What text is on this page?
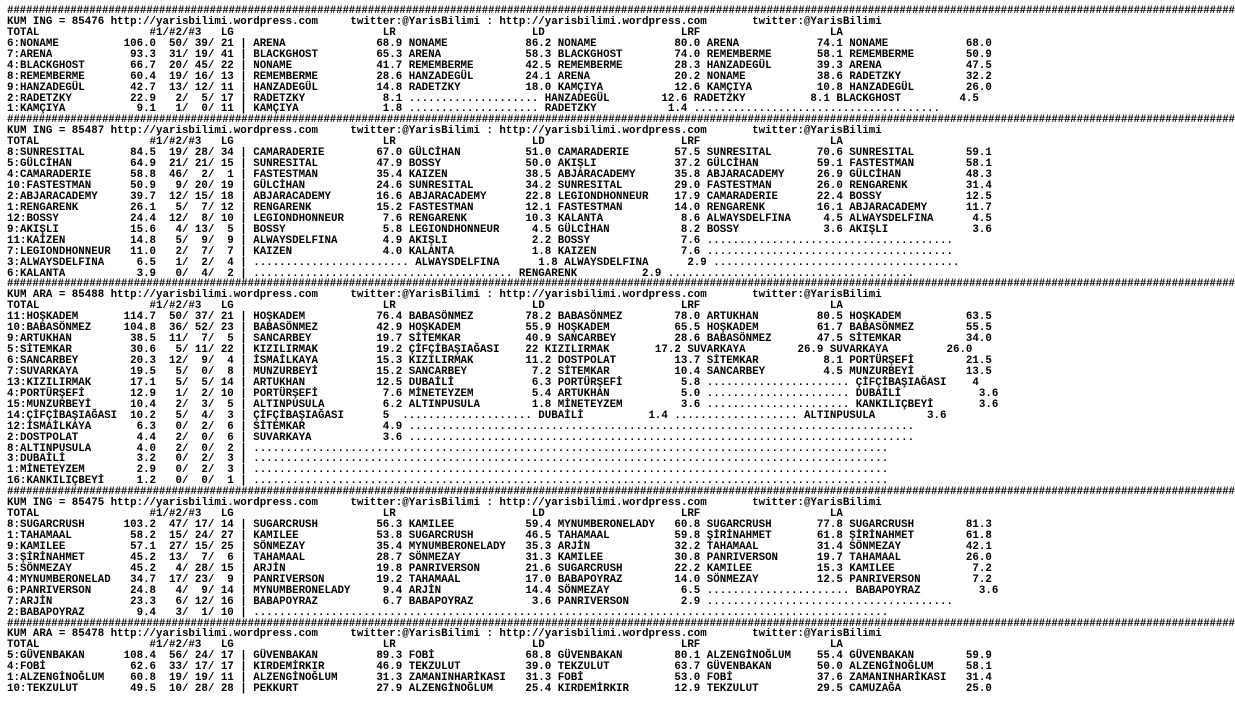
##################################################################################################################################################################################################
KUM ING = 85476 http://yarisbilimi.wordpress.com     twitter:@YarisBilimi : http://yarisbilimi.wordpress.com       twitter:@YarisBilimi
TOTAL                 #1/#2/#3   LG                       LR                     LD                     LRF                    LA
6:NONAME          106.0  50/ 39/ 21 | ARENA              68.9 NONAME            86.2 NONAME            80.0 ARENA            74.1 NONAME            68.0
7:ARENA            93.3  31/ 19/ 41 | BLACKGHOST         65.3 ARENA             58.3 BLACKGHOST        74.0 REMEMBERME       58.1 REMEMBERME        50.9
4:BLACKGHOST       66.7  20/ 45/ 22 | NONAME             41.7 REMEMBERME        42.5 REMEMBERME        28.3 HANZADEGÜL       39.3 ARENA             47.5
8:REMEMBERME       60.4  19/ 16/ 13 | REMEMBERME         28.6 HANZADEGÜL        24.1 ARENA             20.2 NONAME           38.6 RADETZKY          32.2
9:HANZADEGÜL       42.7  13/ 12/ 11 | HANZADEGÜL         14.8 RADETZKY          18.0 KAMÇIYA           12.6 KAMÇIYA          10.8 HANZADEGÜL        26.0
2:RADETZKY         22.9   2/  5/ 17 | RADETZKY            8.1 .................... HANZADEGÜL        12.6 RADETZKY          8.1 BLACKGHOST         4.5
1:KAMÇIYA           9.1   1/  0/ 11 | KAMÇIYA             1.8 .................... RADETZKY           1.4 ......................................
##################################################################################################################################################################################################
KUM ING = 85487 http://yarisbilimi.wordpress.com     twitter:@YarisBilimi : http://yarisbilimi.wordpress.com       twitter:@YarisBilimi
TOTAL                 #1/#2/#3   LG                       LR                     LD                     LRF                    LA
8:SUNRESITAL       84.5  19/ 28/ 34 | CAMARADERIE        67.0 GÜLCİHAN          51.0 CAMARADERIE       57.5 SUNRESITAL       70.6 SUNRESITAL        59.1
5:GÜLCİHAN         64.9  21/ 21/ 15 | SUNRESITAL         47.9 BOSSY             50.0 AKIŞLI            37.2 GÜLCİHAN         59.1 FASTESTMAN        58.1
4:CAMARADERIE      58.8  46/  2/  1 | FASTESTMAN         35.4 KAIZEN            38.5 ABJARACADEMY      35.8 ABJARACADEMY     26.9 GÜLCİHAN          48.3
10:FASTESTMAN      50.9   9/ 20/ 19 | GÜLCİHAN           24.6 SUNRESITAL        34.2 SUNRESITAL        29.0 FASTESTMAN       26.0 RENGARENK         31.4
2:ABJARACADEMY     39.7  12/ 15/ 18 | ABJARACADEMY       16.6 ABJARACADEMY      22.8 LEGIONDHONNEUR    17.9 CAMARADERIE      22.4 BOSSY             12.5
1:RENGARENK        26.1   5/  7/ 12 | RENGARENK          15.2 FASTESTMAN        12.1 FASTESTMAN        14.0 RENGARENK        16.1 ABJARACADEMY      11.7
12:BOSSY           24.4  12/  8/ 10 | LEGIONDHONNEUR      7.6 RENGARENK         10.3 KALANTA            8.6 ALWAYSDELFINA     4.5 ALWAYSDELFINA      4.5
9:AKIŞLI           15.6   4/ 13/  5 | BOSSY               5.8 LEGIONDHONNEUR     4.5 GÜLCİHAN           8.2 BOSSY             3.6 AKIŞLI             3.6
11:KAİZEN          14.8   5/  9/  9 | ALWAYSDELFINA       4.9 AKIŞLI             2.2 BOSSY              7.6 ......................................
7:LEGIONDHONNEUR   11.0   2/  7/  7 | KAIZEN              4.0 KALANTA            1.8 KAIZEN             7.6 ......................................
3:ALWAYSDELFINA     6.5   1/  2/  4 | ........................ ALWAYSDELFINA      1.8 ALWAYSDELFINA      2.9 ......................................
6:KALANTA           3.9   0/  4/  2 | ........................................ RENGARENK          2.9 ......................................
##################################################################################################################################################################################################
KUM ARA = 85488 http://yarisbilimi.wordpress.com     twitter:@YarisBilimi : http://yarisbilimi.wordpress.com       twitter:@YarisBilimi
TOTAL                 #1/#2/#3   LG                       LR                     LD                     LRF                    LA
11:HOŞKADEM       114.7  50/ 37/ 21 | HOŞKADEM           76.4 BABASÖNMEZ        78.2 BABASÖNMEZ        78.0 ARTUKHAN         80.5 HOŞKADEM          63.5
10:BABASÖNMEZ     104.8  36/ 52/ 23 | BABASÖNMEZ         42.9 HOŞKADEM          55.9 HOŞKADEM          65.5 HOŞKADEM         61.7 BABASÖNMEZ        55.5
9:ARTUKHAN         38.5  11/  7/  5 | SANCARBEY          19.7 SİTEMKAR          40.9 SANCARBEY         28.6 BABASÖNMEZ       47.5 SİTEMKAR          34.0
5:SİTEMKAR         30.6   5/ 11/ 22 | KIZILIRMAK         19.2 ÇİFÇİBAŞIAĞASI    22 KIZILIRMAK       17.2 SUVARKAYA        26.9 SUVARKAYA         26.0
6:SANCARBEY        20.3  12/  9/  4 | İSMAİLKAYA         15.3 KIZILIRMAK        11.2 DOSTPOLAT         13.7 SİTEMKAR          8.1 PORTÜRŞEFİ        21.5
7:SUVARKAYA        19.5   5/  0/  8 | MUNZURBEYİ         15.2 SANCARBEY          7.2 SİTEMKAR          10.4 SANCARBEY         4.5 MUNZURBEYİ        13.5
13:KIZILIRMAK      17.1   5/  5/ 14 | ARTUKHAN           12.5 DUBAİLİ            6.3 PORTÜRŞEFİ         5.8 ...................... ÇİFÇİBAŞIAĞASI    4
4:PORTÜRŞEFİ       12.9   1/  2/ 10 | PORTÜRŞEFİ          7.6 MİNETEYZEM         5.4 ARTUKHAN           5.0 ...................... DUBAİLİ            3.6
15:MUNZURBEYİ      10.4   2/  3/  5 | ALTINPUSULA         6.2 ALTINPUSULA        1.8 MİNETEYZEM         3.6 ...................... KANKILIÇBEYİ       3.6
14:ÇİFÇİBAŞIAĞASI  10.2   5/  4/  3 | ÇİFÇİBAŞIAĞASI      5  .................... DUBAİLİ          1.4 ................... ALTINPUSULA        3.6
12:İSMAİLKAYA       6.3   0/  2/  6 | SİTEMKAR            4.9 ..............................................................................
2:DOSTPOLAT         4.4   2/  0/  6 | SUVARKAYA           3.6 ..............................................................................
8:ALTINPUSULA       4.0   2/  0/  2 | ..................................................................................................
3:DUBAİLİ           3.2   0/  2/  3 | ..................................................................................................
1:MİNETEYZEM        2.9   0/  2/  3 | ..................................................................................................
16:KANKILIÇBEYİ     1.2   0/  0/  1 | ..................................................................................................
##################################################################################################################################################################################################
KUM ING = 85475 http://yarisbilimi.wordpress.com     twitter:@YarisBilimi : http://yarisbilimi.wordpress.com       twitter:@YarisBilimi
TOTAL                 #1/#2/#3   LG                       LR                     LD                     LRF                    LA
8:SUGARCRUSH      103.2  47/ 17/ 14 | SUGARCRUSH         56.3 KAMILEE           59.4 MYNUMBERONELADY   60.8 SUGARCRUSH       77.8 SUGARCRUSH        81.3
1:TAHAMAAL         58.2  15/ 24/ 27 | KAMILEE            53.8 SUGARCRUSH        46.5 TAHAMAAL          59.8 ŞİRİNAHMET       61.8 ŞİRİNAHMET        61.8
9:KAMILEE          57.1  27/ 15/ 25 | SÖNMEZAY           35.4 MYNUMBERONELADY   35.3 ARJİN             32.2 TAHAMAAL         31.4 SÖNMEZAY          42.1
3:ŞİRİNAHMET       45.2  13/  7/  6 | TAHAMAAL           28.7 SÖNMEZAY          31.3 KAMILEE           30.8 PANRIVERSON      19.7 TAHAMAAL          26.0
5:SÖNMEZAY         45.2   4/ 28/ 15 | ARJİN              19.8 PANRIVERSON       21.6 SUGARCRUSH        22.2 KAMILEE          15.3 KAMILEE            7.2
4:MYNUMBERONELAD   34.7  17/ 23/  9 | PANRIVERSON        19.2 TAHAMAAL          17.0 BABAPOYRAZ        14.0 SÖNMEZAY         12.5 PANRIVERSON        7.2
6:PANRIVERSON      24.8   4/  9/ 14 | MYNUMBERONELADY     9.4 ARJİN             14.4 SÖNMEZAY           6.5 ...................... BABAPOYRAZ         3.6
7:ARJİN            23.3   6/ 12/ 16 | BABAPOYRAZ          6.7 BABAPOYRAZ         3.6 PANRIVERSON        2.9 ......................................
2:BABAPOYRAZ        9.4   3/  1/ 10 | ..................................................................................................
##################################################################################################################################################################################################
KUM ARA = 85478 http://yarisbilimi.wordpress.com     twitter:@YarisBilimi : http://yarisbilimi.wordpress.com       twitter:@YarisBilimi
TOTAL                 #1/#2/#3   LG                       LR                     LD                     LRF                    LA
5:GÜVENBAKAN      108.4  56/ 24/ 17 | GÜVENBAKAN         89.3 FOBİ              68.8 GÜVENBAKAN        80.1 ALZENGİNOĞLUM    55.4 GÜVENBAKAN        59.9
4:FOBİ             62.6  33/ 17/ 17 | KIRDEMİRKIR        46.9 TEKZULUT          39.0 TEKZULUT          63.7 GÜVENBAKAN       50.0 ALZENGİNOĞLUM     58.1
1:ALZENGİNOĞLUM    60.8  19/ 19/ 11 | ALZENGİNOĞLUM      31.3 ZAMANINHARİKASI   31.3 FOBİ              53.0 FOBİ             37.6 ZAMANINHARİKASI   31.4
10:TEKZULUT        49.5  10/ 28/ 28 | PEKKURT            27.9 ALZENGİNOĞLUM     25.4 KIRDEMİRKIR       12.9 TEKZULUT         29.5 CAMUZAĞA          25.0
